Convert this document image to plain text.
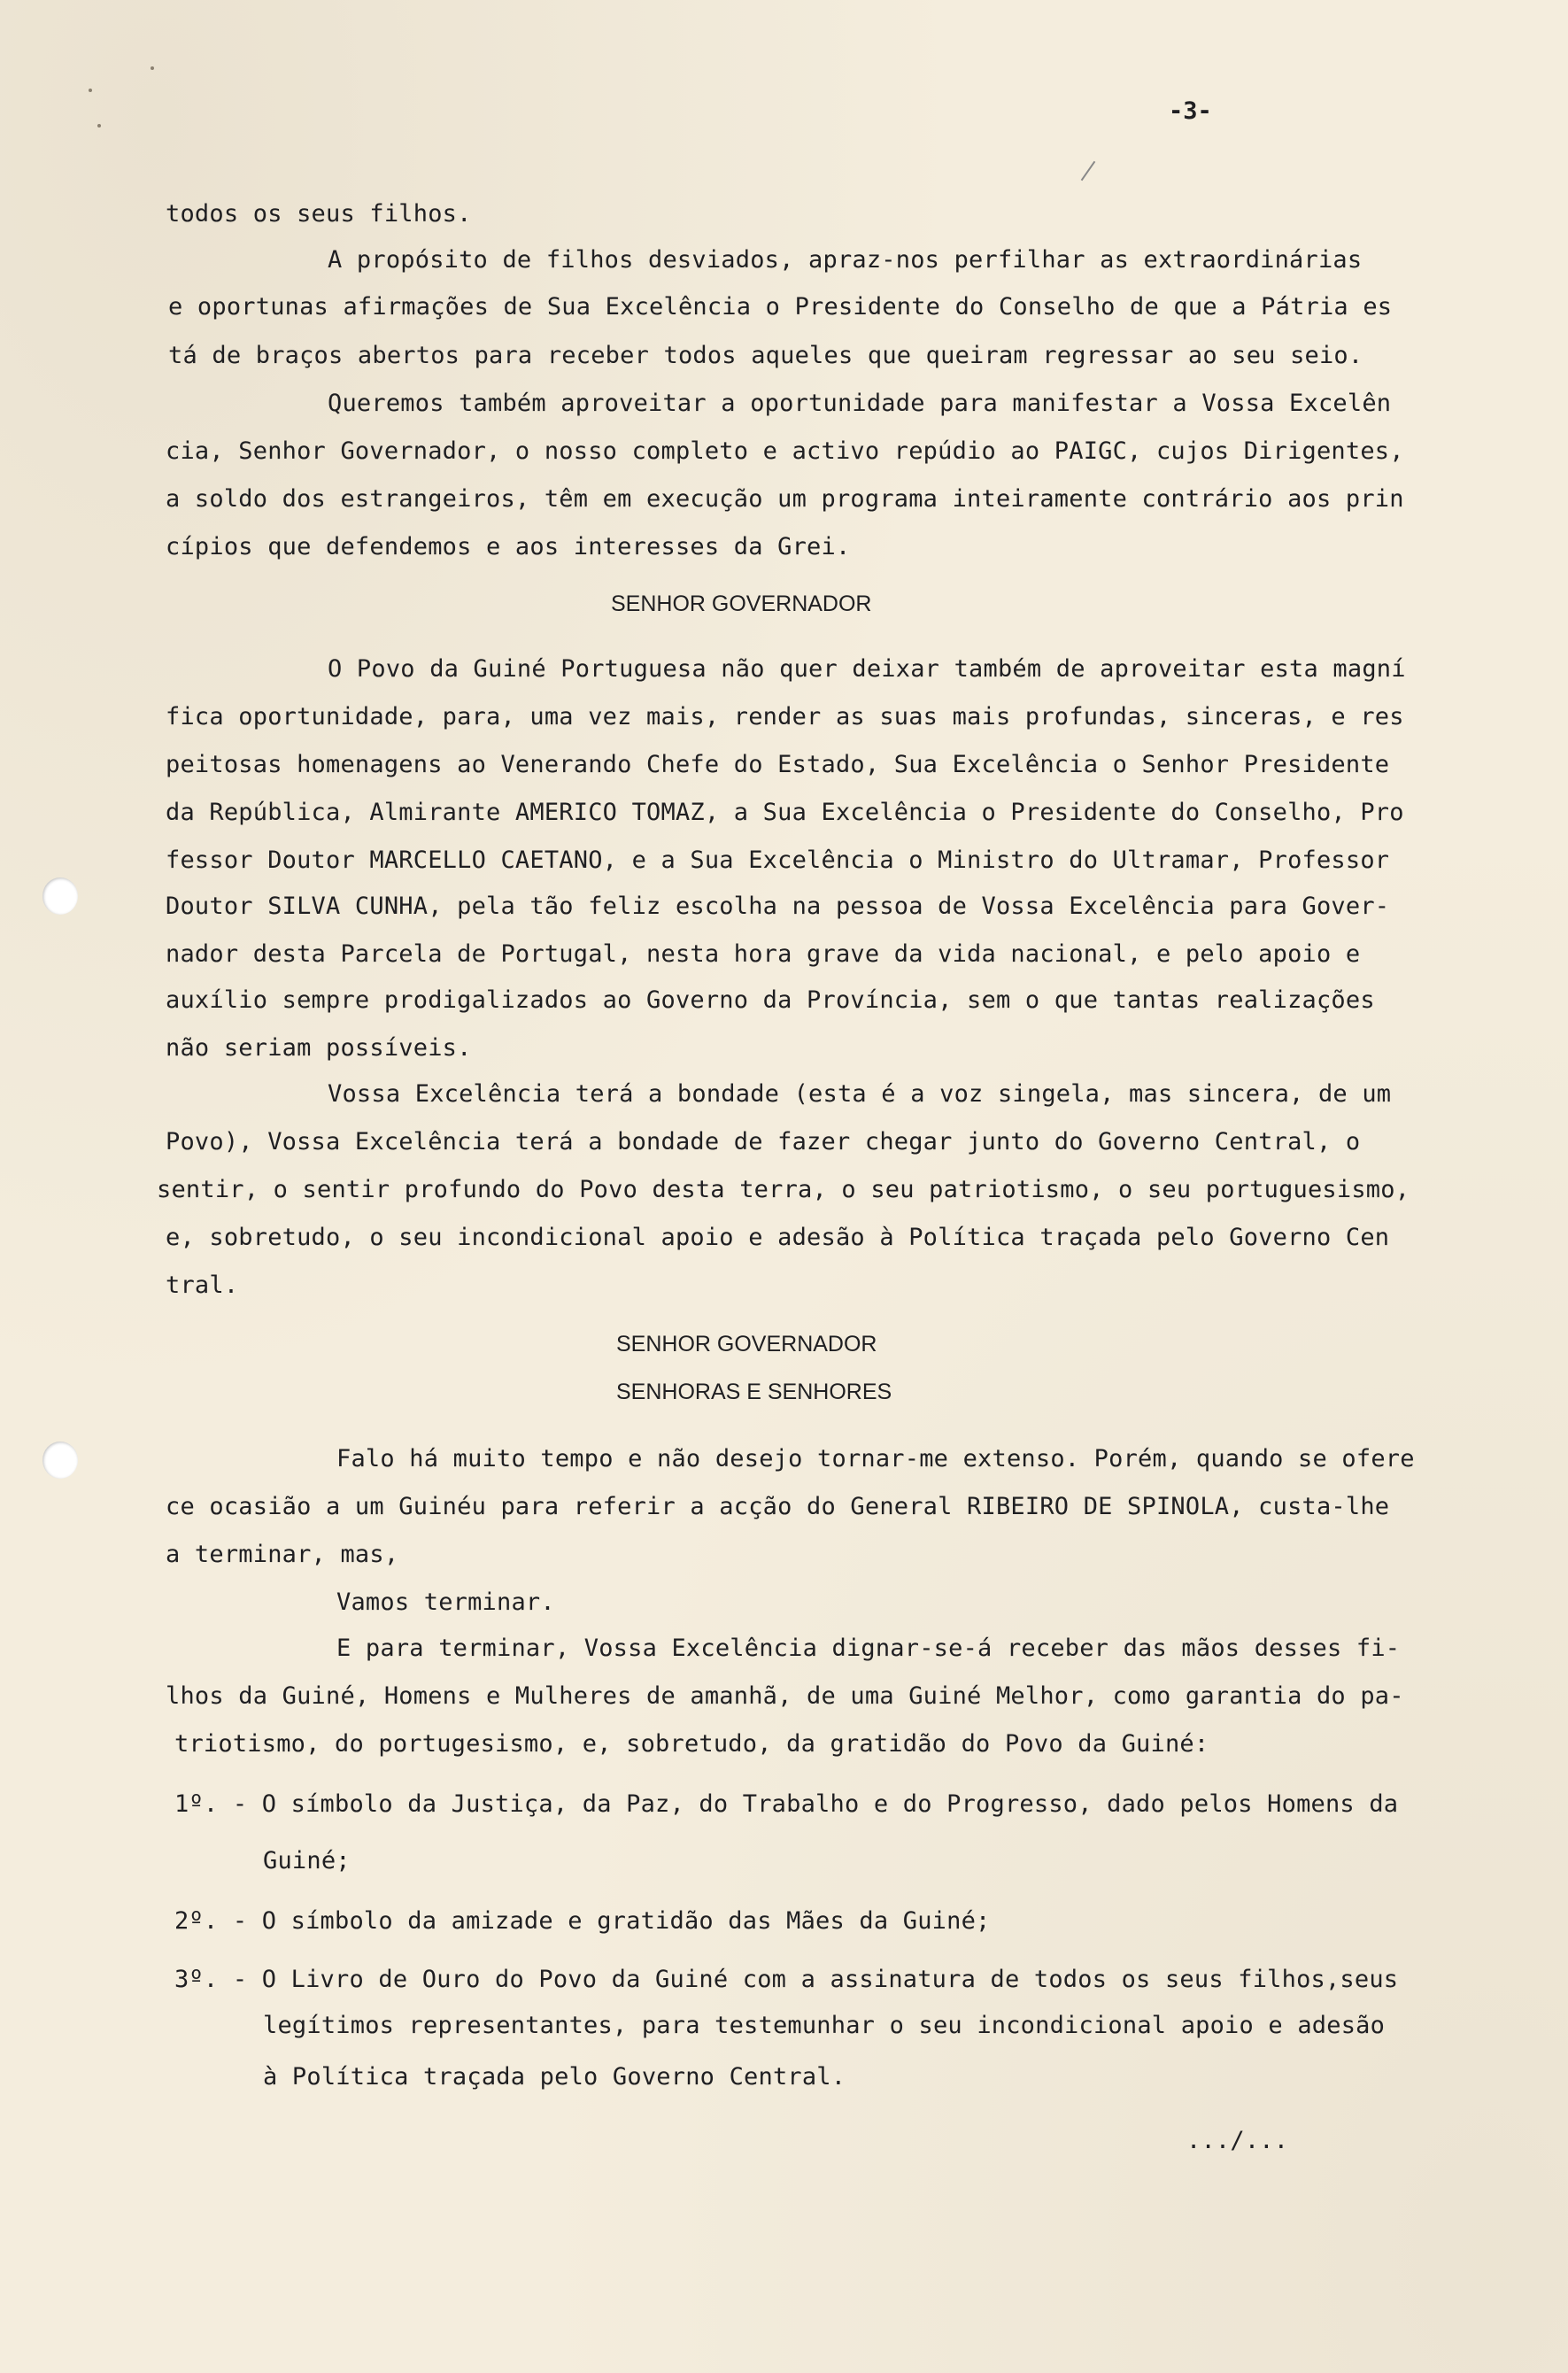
-3-
todos os seus filhos.
A propósito de filhos desviados, apraz-nos perfilhar as extraordinárias
e oportunas afirmações de Sua Excelência o Presidente do Conselho de que a Pátria es
tá de braços abertos para receber todos aqueles que queiram regressar ao seu seio.
Queremos também aproveitar a oportunidade para manifestar a Vossa Excelên
cia, Senhor Governador, o nosso completo e activo repúdio ao PAIGC, cujos Dirigentes,
a soldo dos estrangeiros, têm em execução um programa inteiramente contrário aos prin
cípios que defendemos e aos interesses da Grei.
SENHOR GOVERNADOR
O Povo da Guiné Portuguesa não quer deixar também de aproveitar esta magní
fica oportunidade, para, uma vez mais, render as suas mais profundas, sinceras, e res
peitosas homenagens ao Venerando Chefe do Estado, Sua Excelência o Senhor Presidente
da República, Almirante AMERICO TOMAZ, a Sua Excelência o Presidente do Conselho, Pro
fessor Doutor MARCELLO CAETANO, e a Sua Excelência o Ministro do Ultramar, Professor
Doutor SILVA CUNHA, pela tão feliz escolha na pessoa de Vossa Excelência para Gover-
nador desta Parcela de Portugal, nesta hora grave da vida nacional, e pelo apoio e
auxílio sempre prodigalizados ao Governo da Província, sem o que tantas realizações
não seriam possíveis.
Vossa Excelência terá a bondade (esta é a voz singela, mas sincera, de um
Povo), Vossa Excelência terá a bondade de fazer chegar junto do Governo Central, o
sentir, o sentir profundo do Povo desta terra, o seu patriotismo, o seu portuguesismo,
e, sobretudo, o seu incondicional apoio e adesão à Política traçada pelo Governo Cen
tral.
SENHOR GOVERNADOR
SENHORAS E SENHORES
Falo há muito tempo e não desejo tornar-me extenso. Porém, quando se ofere
ce ocasião a um Guinéu para referir a acção do General RIBEIRO DE SPINOLA, custa-lhe
a terminar, mas,
Vamos terminar.
E para terminar, Vossa Excelência dignar-se-á receber das mãos desses fi-
lhos da Guiné, Homens e Mulheres de amanhã, de uma Guiné Melhor, como garantia do pa-
triotismo, do portugesismo, e, sobretudo, da gratidão do Povo da Guiné:
1º. - O símbolo da Justiça, da Paz, do Trabalho e do Progresso, dado pelos Homens da
Guiné;
2º. - O símbolo da amizade e gratidão das Mães da Guiné;
3º. - O Livro de Ouro do Povo da Guiné com a assinatura de todos os seus filhos,seus
legítimos representantes, para testemunhar o seu incondicional apoio e adesão
à Política traçada pelo Governo Central.
.../...
